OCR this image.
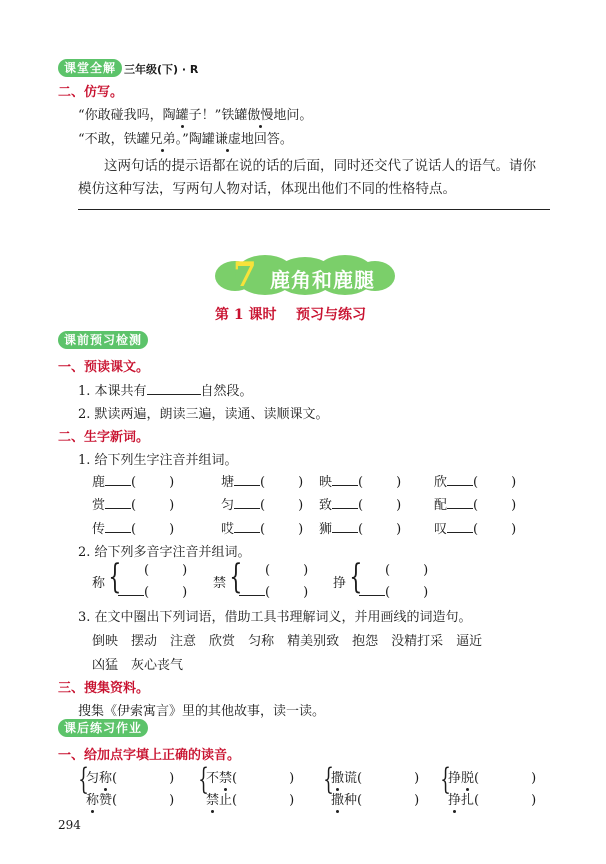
课堂全解 三年级(下) · R
二、仿写。
“你敢碰我吗，陶罐子！”铁罐傲慢地问。
“不敢，铁罐兄弟。”陶罐谦虚地回答。
这两句话的提示语都在说的话的后面，同时还交代了说话人的语气。请你
模仿这种写法，写两句人物对话，体现出他们不同的性格特点。
7 鹿角和鹿腿
第 1 课时    预习与练习
课前预习检测
一、预读课文。
1. 本课共有	自然段。
2. 默读两遍，朗读三遍，读通、读顺课文。
二、生字新词。
1. 给下列生字注音并组词。
鹿 (        )	塘 (        ) 映 (        )	欣 (        )
赏 (        )	匀 (        ) 致 (        )	配 (        )
传 (        )	哎 (        ) 狮 (        )	叹 (        )
2. 给下列多音字注音并组词。
称 {	(        )
(        )
禁 {	(        )
(        )
挣 {	(        )
(        )
3. 在文中圈出下列词语，借助工具书理解词义，并用画线的词造句。
倒映 摆动 注意 欣赏 匀称 精美别致 抱怨 没精打采 逼近
凶猛 灰心丧气
三、搜集资料。
搜集《伊索寓言》里的其他故事，读一读。
课后练习作业
一、给加点字填上正确的读音。
{
匀称(    )
称赞(    )
{
不禁(    )
禁止(    )
{
撒谎(    )
撒种(    )
{
挣脱(    )
挣扎(    )
294
